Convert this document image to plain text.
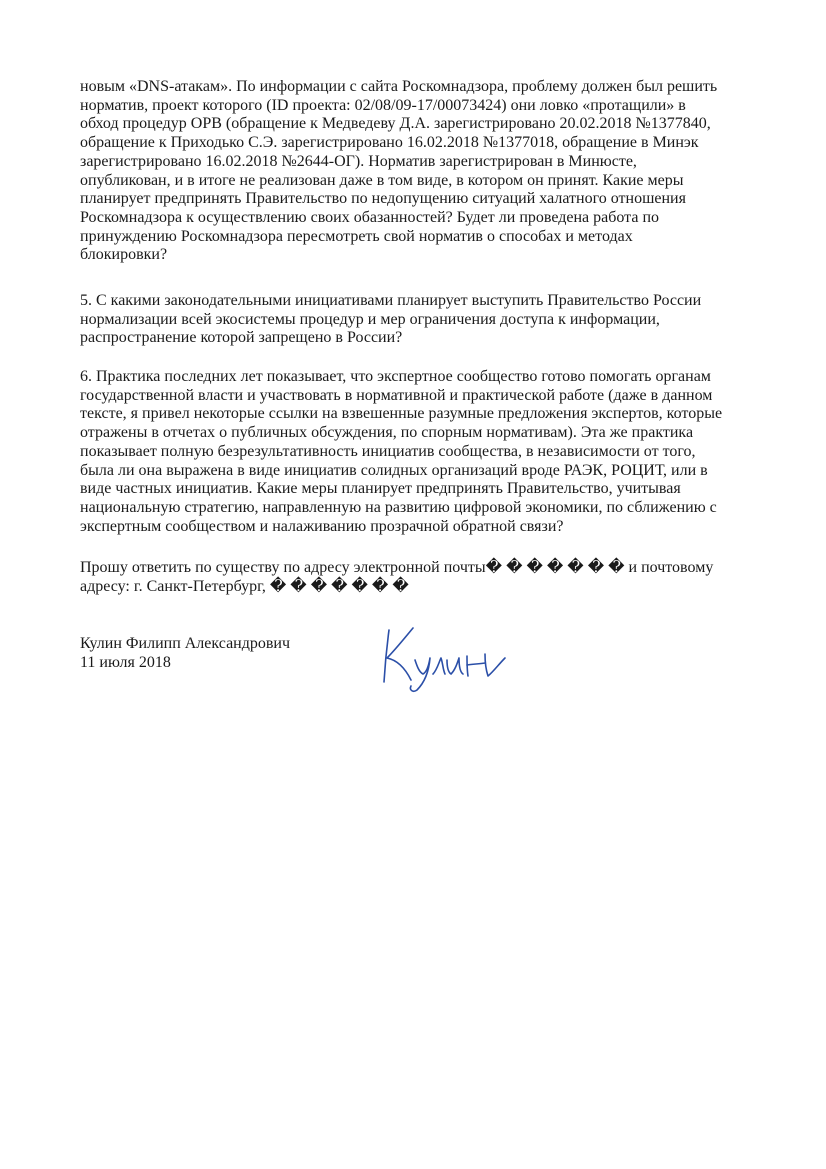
новым «DNS-атакам». По информации с сайта Роскомнадзора, проблему должен был решить
норматив, проект которого (ID проекта: 02/08/09-17/00073424) они ловко «протащили» в
обход процедур ОРВ (обращение к Медведеву Д.А. зарегистрировано 20.02.2018 №1377840,
обращение к Приходько С.Э. зарегистрировано 16.02.2018 №1377018, обращение в Минэк
зарегистрировано 16.02.2018 №2644-ОГ). Норматив зарегистрирован в Минюсте,
опубликован, и в итоге не реализован даже в том виде, в котором он принят. Какие меры
планирует предпринять Правительство по недопущению ситуаций халатного отношения
Роскомнадзора к осуществлению своих обазанностей? Будет ли проведена работа по
принуждению Роскомнадзора пересмотреть свой норматив о способах и методах
блокировки?
5. С какими законодательными инициативами планирует выступить Правительство России
нормализации всей экосистемы процедур и мер ограничения доступа к информации,
распространение которой запрещено в России?
6. Практика последних лет показывает, что экспертное сообщество готово помогать органам
государственной власти и участвовать в нормативной и практической работе (даже в данном
тексте, я привел некоторые ссылки на взвешенные разумные предложения экспертов, которые
отражены в отчетах о публичных обсуждения, по спорным нормативам). Эта же практика
показывает полную безрезультативность инициатив сообщества, в независимости от того,
была ли она выражена в виде инициатив солидных организаций вроде РАЭК, РОЦИТ, или в
виде частных инициатив. Какие меры планирует предпринять Правительство, учитывая
национальную стратегию, направленную на развитию цифровой экономики, по сближению с
экспертным сообществом и налаживанию прозрачной обратной связи?
Прошу ответить по существу по адресу электронной почты� � � � � � � и почтовому
адресу: г. Санкт-Петербург, � � � � � � �
Кулин Филипп Александрович
11 июля 2018
